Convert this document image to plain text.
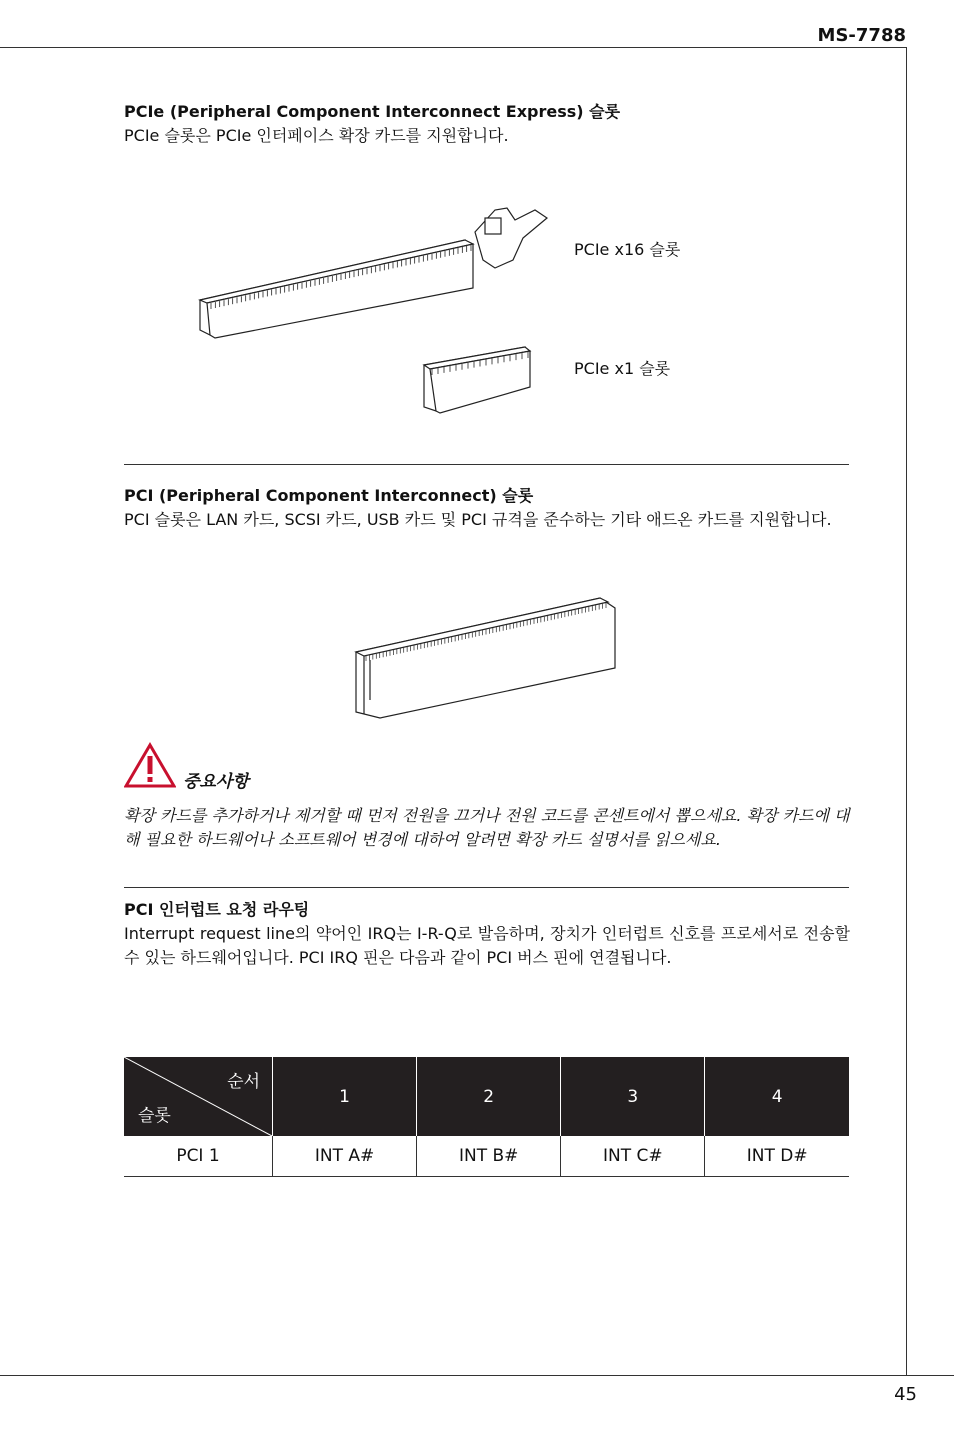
MS-7788
45
PCIe (Peripheral Component Interconnect Express) 슬롯
PCIe 슬롯은 PCIe 인터페이스 확장 카드를 지원합니다.
PCIe x16 슬롯
PCIe x1 슬롯
PCI (Peripheral Component Interconnect) 슬롯
PCI 슬롯은 LAN 카드, SCSI 카드, USB 카드 및 PCI 규격을 준수하는 기타 애드온 카드를 지원합니다.
중요사항
확장 카드를 추가하거나 제거할 때 먼저 전원을 끄거나 전원 코드를 콘센트에서 뽑으세요. 확장 카드에 대해 필요한 하드웨어나 소프트웨어 변경에 대하여 알려면 확장 카드 설명서를 읽으세요.
PCI 인터럽트 요청 라우팅
Interrupt request line의 약어인 IRQ는 I-R-Q로 발음하며, 장치가 인터럽트 신호를 프로세서로 전송할 수 있는 하드웨어입니다. PCI IRQ 핀은 다음과 같이 PCI 버스 핀에 연결됩니다.
순서
슬롯	1	2	3	4
PCI 1	INT A#	INT B#	INT C#	INT D#
